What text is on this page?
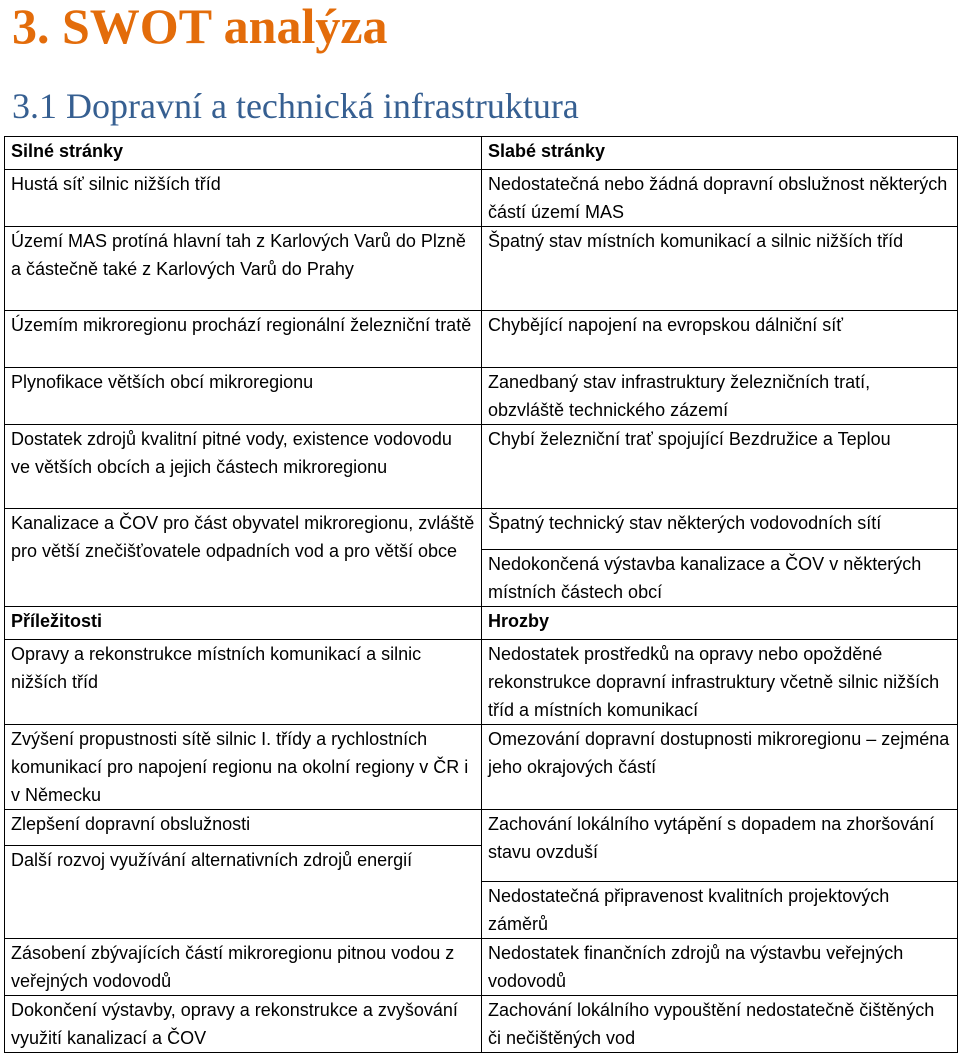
3. SWOT analýza
3.1 Dopravní a technická infrastruktura
Silné stránky	Slabé stránky
Hustá síť silnic nižších tříd	Nedostatečná nebo žádná dopravní obslužnost některých částí území MAS
Území MAS protíná hlavní tah z Karlových Varů do Plzně a částečně také z Karlových Varů do Prahy	Špatný stav místních komunikací a silnic nižších tříd
Územím mikroregionu prochází regionální železniční tratě	Chybějící napojení na evropskou dálniční síť
Plynofikace větších obcí mikroregionu	Zanedbaný stav infrastruktury železničních tratí, obzvláště technického zázemí
Dostatek zdrojů kvalitní pitné vody, existence vodovodu ve větších obcích a jejich částech mikroregionu	Chybí železniční trať spojující Bezdružice a Teplou
Kanalizace a ČOV pro část obyvatel mikroregionu, zvláště pro větší znečišťovatele odpadních vod a pro větší obce	Špatný technický stav některých vodovodních sítí
	Nedokončená výstavba kanalizace a ČOV v některých místních částech obcí
Příležitosti	Hrozby
Opravy a rekonstrukce místních komunikací a silnic nižších tříd	Nedostatek prostředků na opravy nebo opožděné rekonstrukce dopravní infrastruktury včetně silnic nižších tříd a místních komunikací
Zvýšení propustnosti sítě silnic I. třídy a rychlostních komunikací pro napojení regionu na okolní regiony v ČR i v Německu	Omezování dopravní dostupnosti mikroregionu – zejména jeho okrajových částí
Zlepšení dopravní obslužnosti	Zachování lokálního vytápění s dopadem na zhoršování stavu ovzduší
Další rozvoj využívání alternativních zdrojů energií	
	Nedostatečná připravenost kvalitních projektových záměrů
Zásobení zbývajících částí mikroregionu pitnou vodou z veřejných vodovodů	Nedostatek finančních zdrojů na výstavbu veřejných vodovodů
Dokončení výstavby, opravy a rekonstrukce a zvyšování využití kanalizací a ČOV	Zachování lokálního vypouštění nedostatečně čištěných či nečištěných vod
